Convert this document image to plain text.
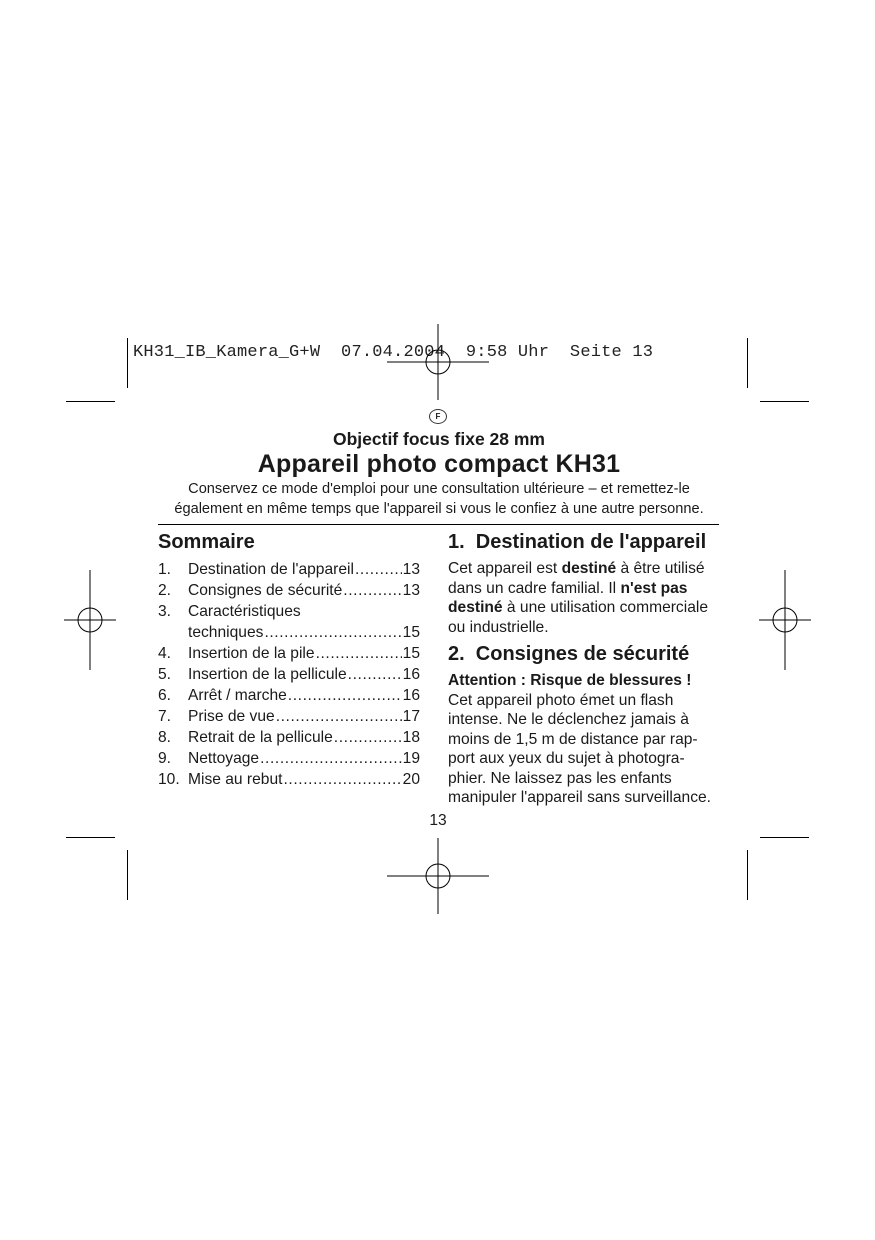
KH31_IB_Kamera_G+W 07.04.2004 9:58 Uhr Seite 13
F
Objectif focus fixe 28 mm
Appareil photo compact KH31
Conservez ce mode d'emploi pour une consultation ultérieure – et remettez-le
également en même temps que l'appareil si vous le confiez à une autre personne.
Sommaire
1.	Destination de l'appareil .....	13
2.	Consignes de sécurité .....	13
3.	Caractéristiques
techniques .....	15
4.	Insertion de la pile .....	15
5.	Insertion de la pellicule .....	16
6.	Arrêt / marche .....	16
7.	Prise de vue .....	17
8.	Retrait de la pellicule .....	18
9.	Nettoyage .....	19
10. Mise au rebut .....	20
1.  Destination de l'appareil
Cet appareil est destiné à être utilisé dans un cadre familial. Il n'est pas destiné à une utilisation commerciale ou industrielle.
2.  Consignes de sécurité
Attention : Risque de blessures !
Cet appareil photo émet un flash
intense. Ne le déclenchez jamais à
moins de 1,5 m de distance par rap-
port aux yeux du sujet à photogra-
phier. Ne laissez pas les enfants
manipuler l'appareil sans surveillance.
13
